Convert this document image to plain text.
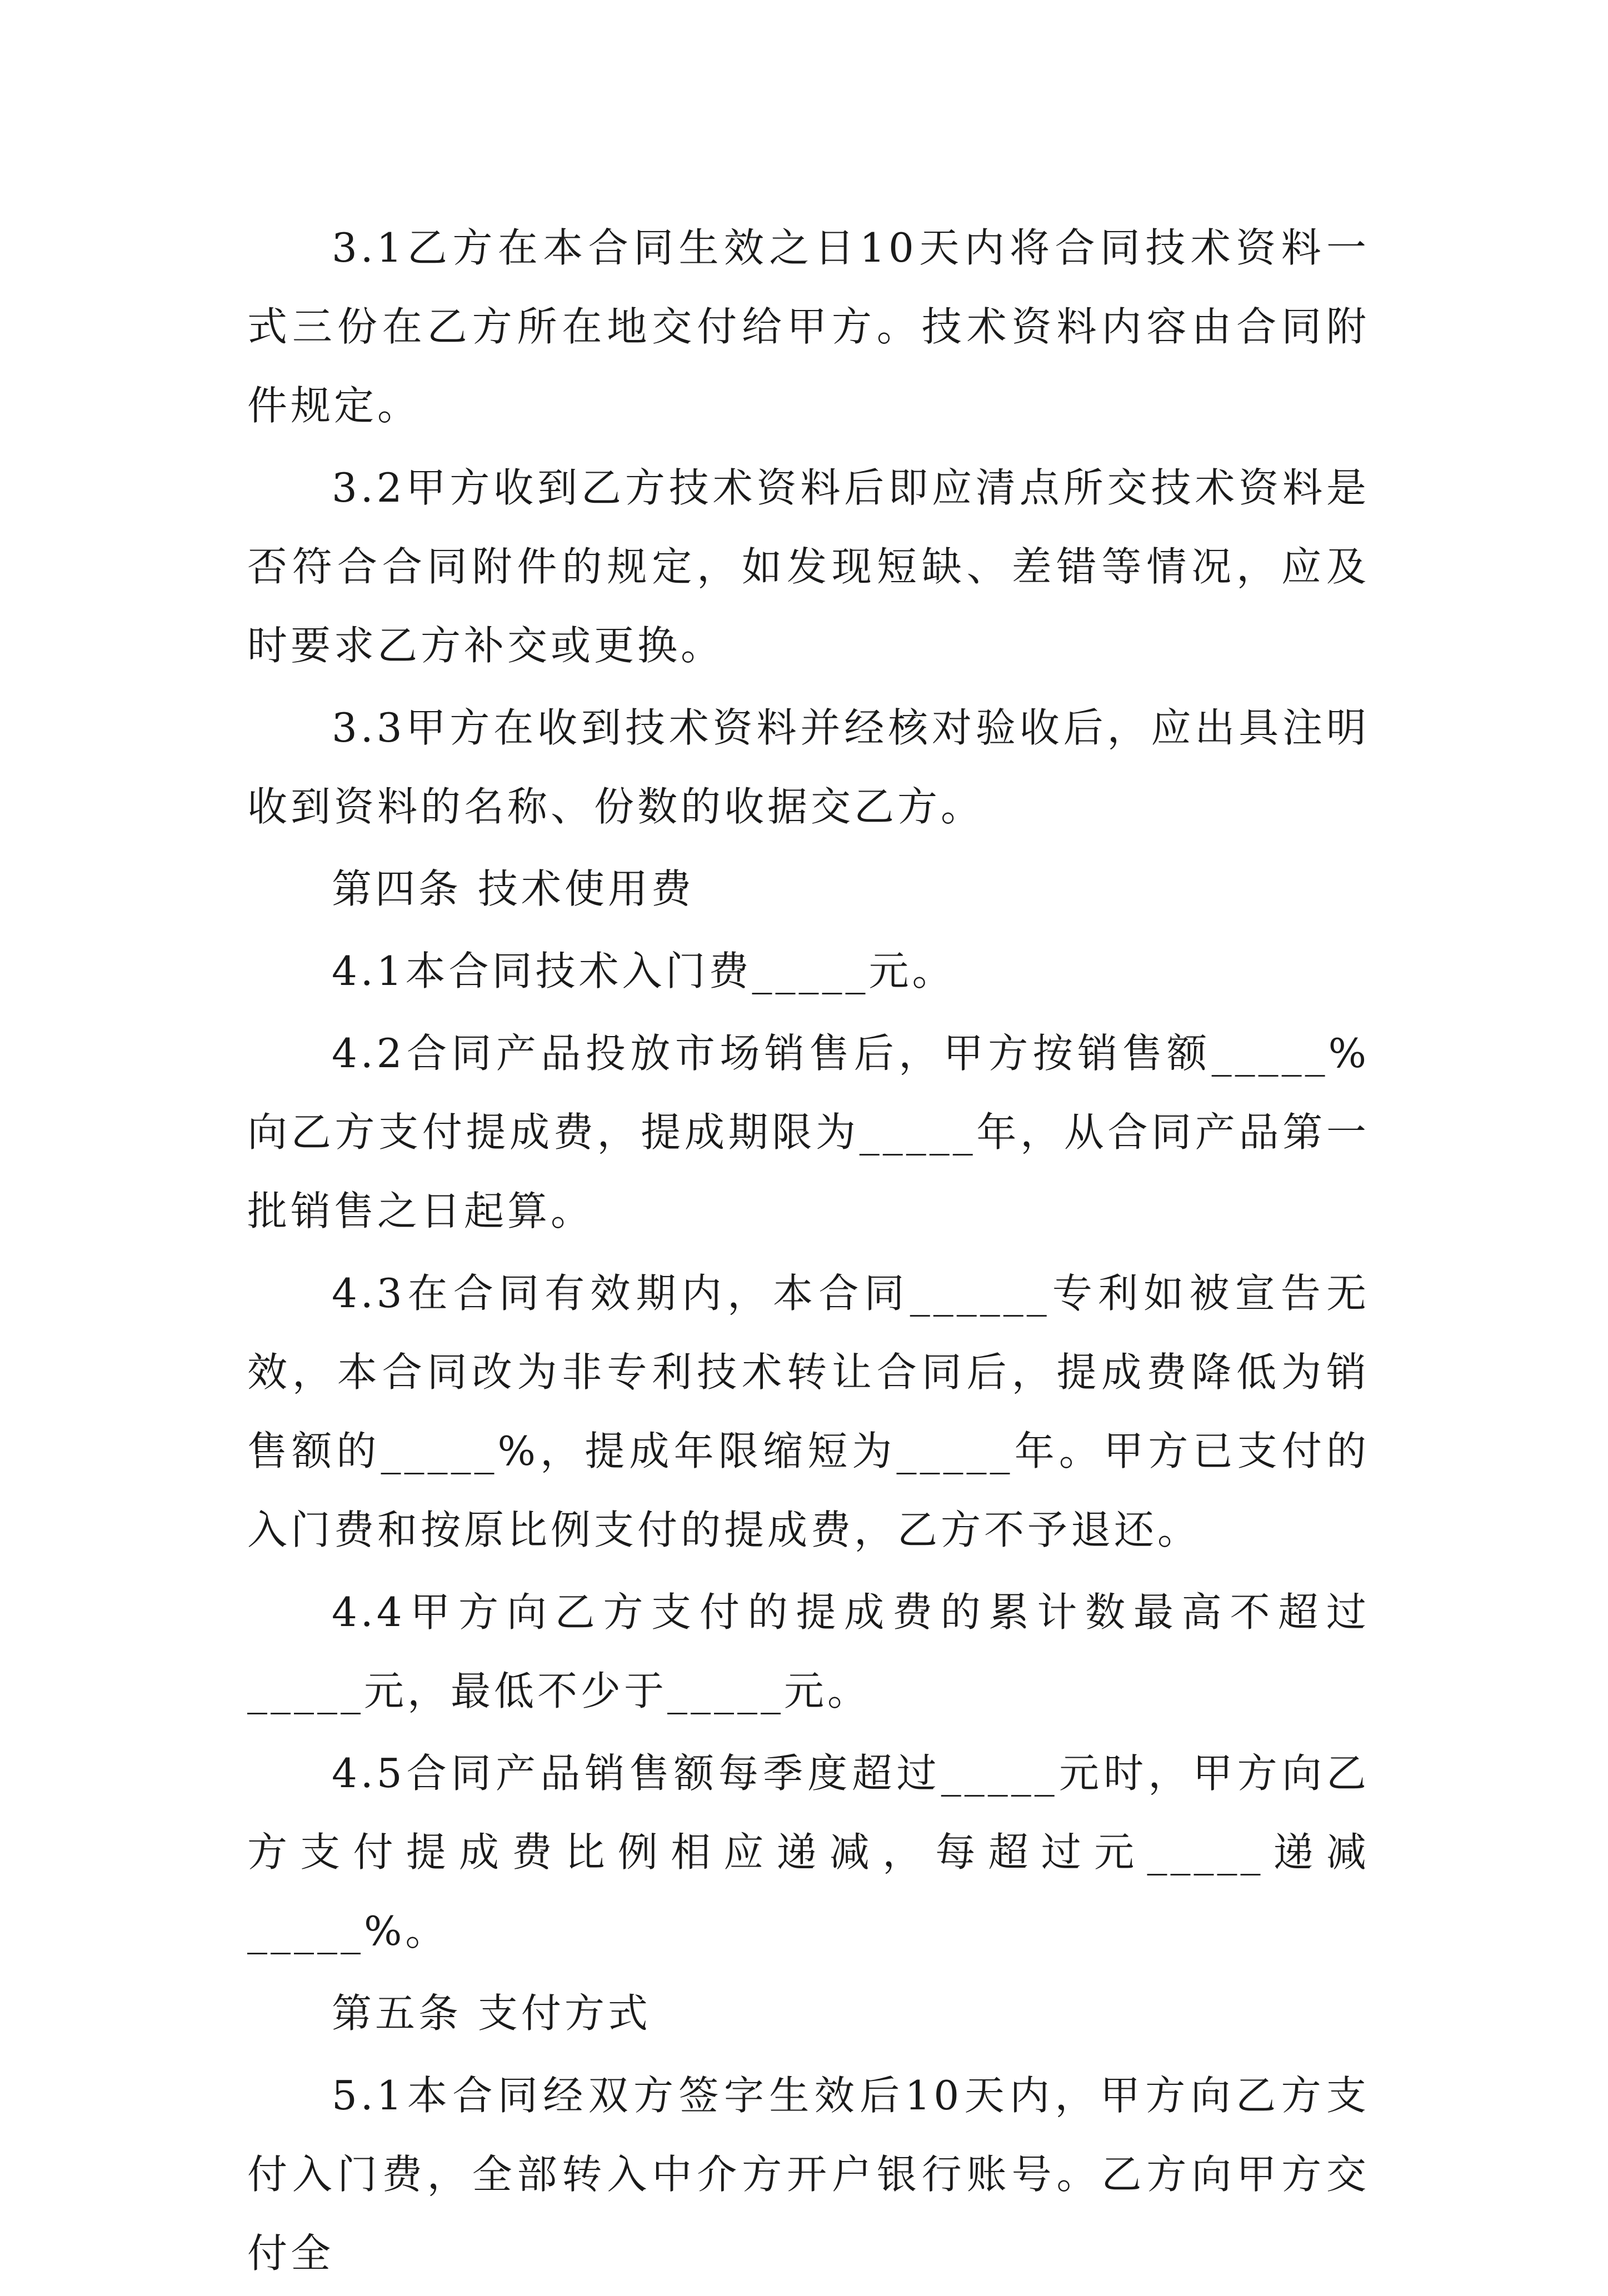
3.1乙方在本合同生效之日10天内将合同技术资料一式三份在乙方所在地交付给甲方。技术资料内容由合同附件规定。

3.2甲方收到乙方技术资料后即应清点所交技术资料是否符合合同附件的规定，如发现短缺、差错等情况，应及时要求乙方补交或更换。

3.3甲方在收到技术资料并经核对验收后，应出具注明收到资料的名称、份数的收据交乙方。

第四条 技术使用费

4.1本合同技术入门费_____元。

4.2合同产品投放市场销售后，甲方按销售额_____%向乙方支付提成费，提成期限为_____年，从合同产品第一批销售之日起算。

4.3在合同有效期内，本合同______专利如被宣告无效，本合同改为非专利技术转让合同后，提成费降低为销售额的_____%，提成年限缩短为_____年。甲方已支付的入门费和按原比例支付的提成费，乙方不予退还。

4.4甲方向乙方支付的提成费的累计数最高不超过_____元，最低不少于_____元。

4.5合同产品销售额每季度超过_____元时，甲方向乙方支付提成费比例相应递减，每超过元_____递减_____%。

第五条 支付方式

5.1本合同经双方签字生效后10天内，甲方向乙方支付入门费，全部转入中介方开户银行账号。乙方向甲方交付全
